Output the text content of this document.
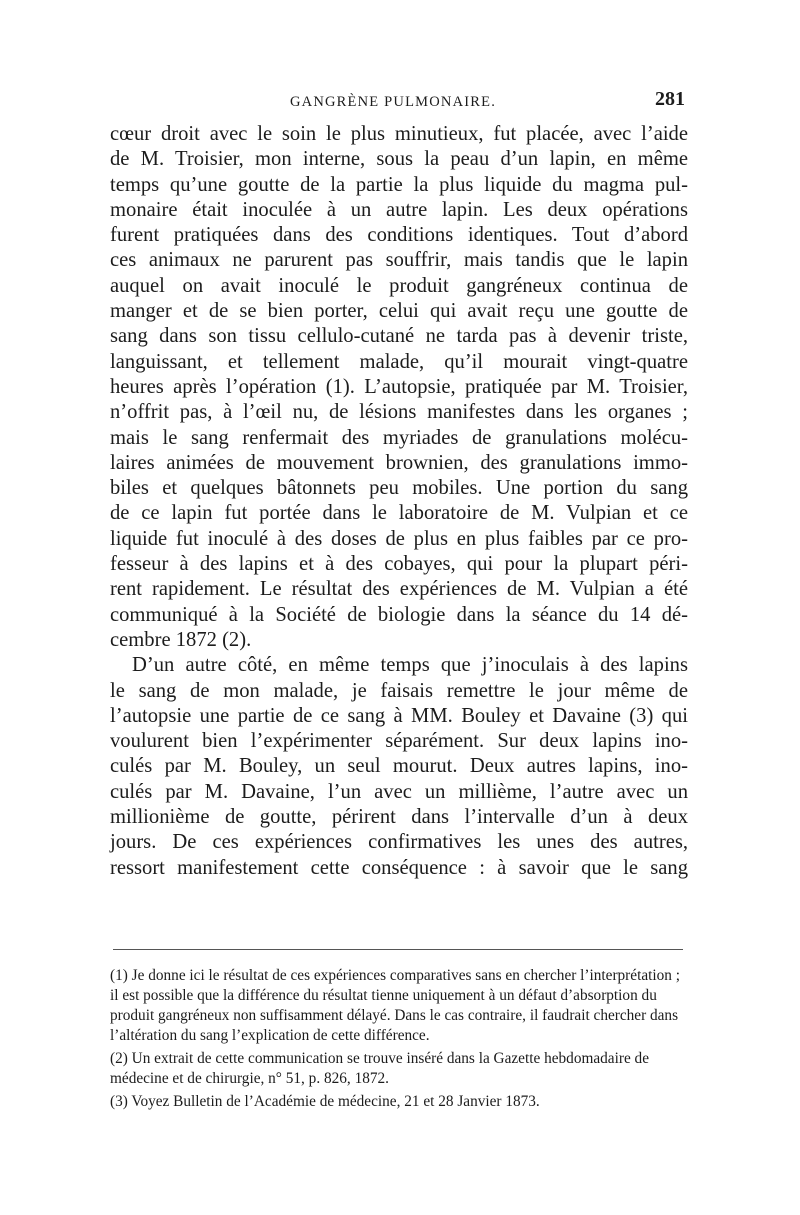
GANGRÈNE PULMONAIRE.	281
cœur droit avec le soin le plus minutieux, fut placée, avec l’aide
de M. Troisier, mon interne, sous la peau d’un lapin, en même
temps qu’une goutte de la partie la plus liquide du magma pul-
monaire était inoculée à un autre lapin. Les deux opérations
furent pratiquées dans des conditions identiques. Tout d’abord
ces animaux ne parurent pas souffrir, mais tandis que le lapin
auquel on avait inoculé le produit gangréneux continua de
manger et de se bien porter, celui qui avait reçu une goutte de
sang dans son tissu cellulo-cutané ne tarda pas à devenir triste,
languissant, et tellement malade, qu’il mourait vingt-quatre
heures après l’opération (1). L’autopsie, pratiquée par M. Troisier,
n’offrit pas, à l’œil nu, de lésions manifestes dans les organes ;
mais le sang renfermait des myriades de granulations molécu-
laires animées de mouvement brownien, des granulations immo-
biles et quelques bâtonnets peu mobiles. Une portion du sang
de ce lapin fut portée dans le laboratoire de M. Vulpian et ce
liquide fut inoculé à des doses de plus en plus faibles par ce pro-
fesseur à des lapins et à des cobayes, qui pour la plupart péri-
rent rapidement. Le résultat des expériences de M. Vulpian a été
communiqué à la Société de biologie dans la séance du 14 dé-
cembre 1872 (2).
D’un autre côté, en même temps que j’inoculais à des lapins
le sang de mon malade, je faisais remettre le jour même de
l’autopsie une partie de ce sang à MM. Bouley et Davaine (3) qui
voulurent bien l’expérimenter séparément. Sur deux lapins ino-
culés par M. Bouley, un seul mourut. Deux autres lapins, ino-
culés par M. Davaine, l’un avec un millième, l’autre avec un
millionième de goutte, périrent dans l’intervalle d’un à deux
jours. De ces expériences confirmatives les unes des autres,
ressort manifestement cette conséquence : à savoir que le sang

(1) Je donne ici le résultat de ces expériences comparatives sans en chercher l’interprétation ; il est possible que la différence du résultat tienne uniquement à un défaut d’absorption du produit gangréneux non suffisamment délayé. Dans le cas contraire, il faudrait chercher dans l’altération du sang l’explication de cette différence.

(2) Un extrait de cette communication se trouve inséré dans la Gazette hebdomadaire de médecine et de chirurgie, n° 51, p. 826, 1872.

(3) Voyez Bulletin de l’Académie de médecine, 21 et 28 Janvier 1873.
